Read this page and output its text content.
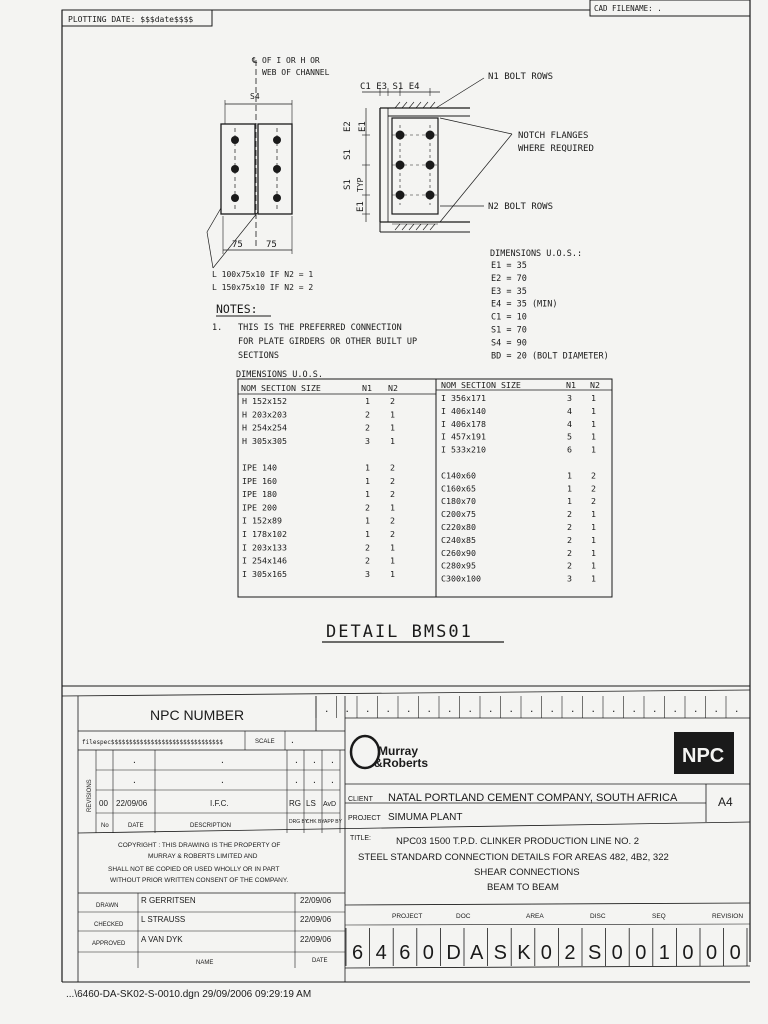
PLOTTING DATE: $$$date$$$$
CAD FILENAME: .
S4
75	75
℄ OF I OR H OR
WEB OF CHANNEL
L 100x75x10 IF N2 = 1
L 150x75x10 IF N2 = 2
C1 E3 S1 E4
E2 E1
S1
S1 TYP
E1
N1 BOLT ROWS
NOTCH FLANGES
WHERE REQUIRED
N2 BOLT ROWS
DIMENSIONS U.O.S.:
E1 = 35
E2 = 70
E3 = 35
E4 = 35 (MIN)
C1 = 10
S1 = 70
S4 = 90
BD = 20 (BOLT DIAMETER)
NOTES:
1. THIS IS THE PREFERRED CONNECTION
FOR PLATE GIRDERS OR OTHER BUILT UP
SECTIONS
DIMENSIONS U.O.S.
NOM SECTION SIZE	N1 N2	NOM SECTION SIZE	N1 N2
H 152x152	1 2
H 203x203	2 1
H 254x254	2 1
H 305x305	3 1
IPE 140	1 2
IPE 160	1 2
IPE 180	1 2
IPE 200	2 1
I 152x89	1 2
I 178x102	1 2
I 203x133	2 1
I 254x146	2 1
I 305x165	3 1
I 356x171	3 1
I 406x140	4 1
I 406x178	4 1
I 457x191	5 1
I 533x210	6 1
C140x60	1 2
C160x65	1 2
C180x70	1 2
C200x75	2 1
C220x80	2 1
C240x85	2 1
C260x90	2 1
C280x95	2 1
C300x100	3 1
DETAIL BMS01
NPC NUMBER	. . . . . . . . . . . . . . . . . . . . .
filespec$$$$$$$$$$$$$$$$$$$$$$$$$$$$$$$	SCALE .
REVISIONS
.	.	. . .
.	.	. . .
00 22/09/06	I.F.C.	RG LS AvD
No	DATE	DESCRIPTION
DRG BY
CHK BY APP BY
Murray
&Roberts	NPC
CLIENT NATAL PORTLAND CEMENT COMPANY, SOUTH AFRICA
PROJECT SIMUMA PLANT
A4
TITLE:	NPC03 1500 T.P.D. CLINKER PRODUCTION LINE NO. 2
STEEL STANDARD CONNECTION DETAILS FOR AREAS 482, 4B2, 322
SHEAR CONNECTIONS
BEAM TO BEAM
COPYRIGHT : THIS DRAWING IS THE PROPERTY OF
MURRAY & ROBERTS LIMITED AND
SHALL NOT BE COPIED OR USED WHOLLY OR IN PART
WITHOUT PRIOR WRITTEN CONSENT OF THE COMPANY.
DRAWN
R GERRITSEN	22/09/06
CHECKED
L STRAUSS	22/09/06
APPROVED A VAN DYK	22/09/06
NAME	DATE
PROJECT	DOC	AREA	DISC	SEQ	REVISION
6 4 6 0 D A S K 0 2 S 0 0 1 0 0 0
...\6460-DA-SK02-S-0010.dgn 29/09/2006 09:29:19 AM
